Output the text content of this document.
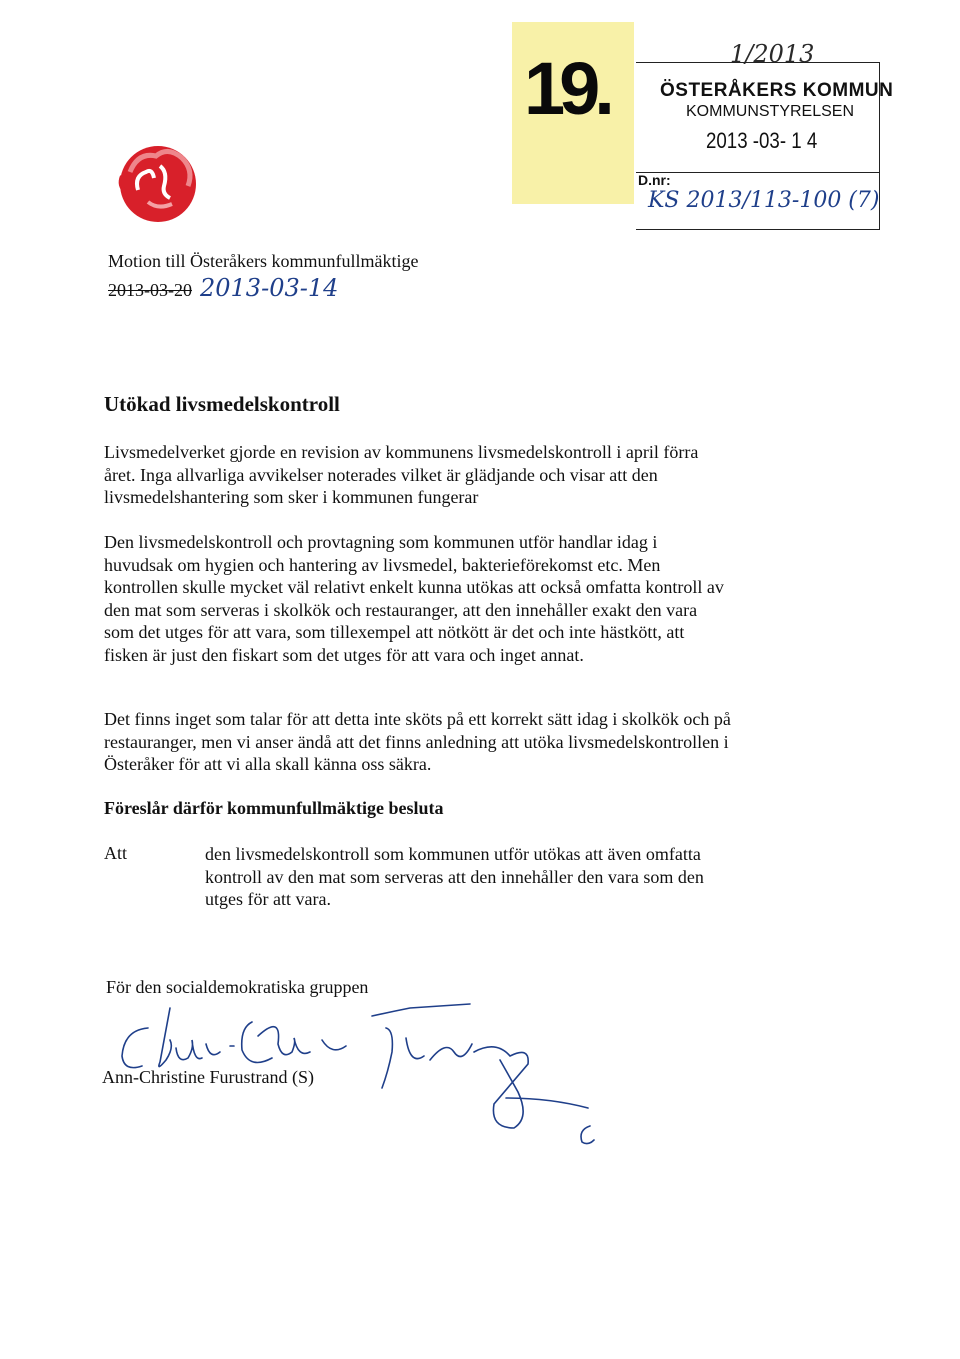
19.	1/2013
ÖSTERÅKERS KOMMUN
KOMMUNSTYRELSEN
2013 -03- 1 4
D.nr:
KS 2013/113-100 (7)
Motion till Österåkers kommunfullmäktige
2013-03-20 2013-03-14
Utökad livsmedelskontroll
Livsmedelverket gjorde en revision av kommunens livsmedelskontroll i april förra året. Inga allvarliga avvikelser noterades vilket är glädjande och visar att den livsmedelshantering som sker i kommunen fungerar
Den livsmedelskontroll och provtagning som kommunen utför handlar idag i huvudsak om hygien och hantering av livsmedel, bakterieförekomst etc. Men kontrollen skulle mycket väl relativt enkelt kunna utökas att också omfatta kontroll av den mat som serveras i skolkök och restauranger, att den innehåller exakt den vara som det utges för att vara, som tillexempel att nötkött är det och inte hästkött, att fisken är just den fiskart som det utges för att vara och inget annat.
Det finns inget som talar för att detta inte sköts på ett korrekt sätt idag i skolkök och på restauranger, men vi anser ändå att det finns anledning att utöka livsmedelskontrollen i Österåker för att vi alla skall känna oss säkra.
Föreslår därför kommunfullmäktige besluta
Att	den livsmedelskontroll som kommunen utför utökas att även omfatta kontroll av den mat som serveras att den innehåller den vara som den utges för att vara.
För den socialdemokratiska gruppen
Ann-Christine Furustrand (S)
